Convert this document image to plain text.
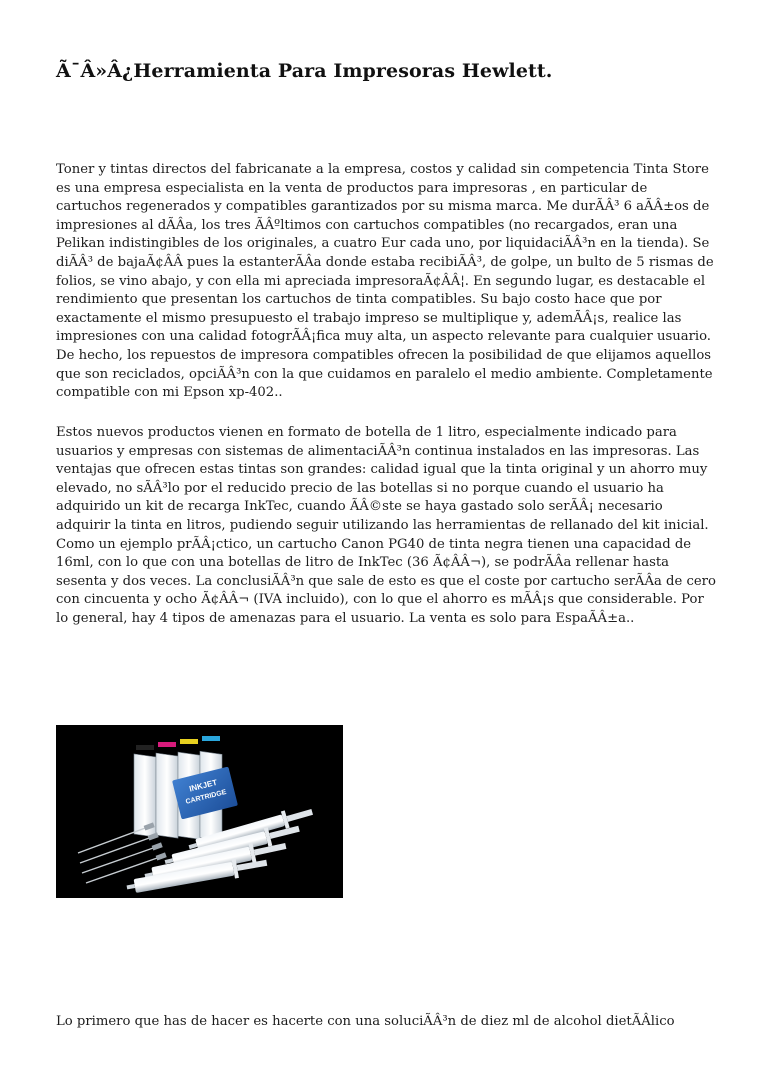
Ã¯Â»Â¿Herramienta Para Impresoras Hewlett.

Toner y tintas directos del fabricanate a la empresa, costos y calidad sin competencia Tinta Store es una empresa especialista en la venta de productos para impresoras , en particular de cartuchos regenerados y compatibles garantizados por su misma marca. Me durÃÂ³ 6 aÃÂ±os de impresiones al dÃÂa, los tres ÃÂºltimos con cartuchos compatibles (no recargados, eran una Pelikan indistingibles de los originales, a cuatro Eur cada uno, por liquidaciÃÂ³n en la tienda). Se diÃÂ³ de bajaÃ¢ÂÂ pues la estanterÃÂa donde estaba recibiÃÂ³, de golpe, un bulto de 5 rismas de folios, se vino abajo, y con ella mi apreciada impresoraÃ¢ÂÂ¦. En segundo lugar, es destacable el rendimiento que presentan los cartuchos de tinta compatibles. Su bajo costo hace que por exactamente el mismo presupuesto el trabajo impreso se multiplique y, ademÃÂ¡s, realice las impresiones con una calidad fotogrÃÂ¡fica muy alta, un aspecto relevante para cualquier usuario. De hecho, los repuestos de impresora compatibles ofrecen la posibilidad de que elijamos aquellos que son reciclados, opciÃÂ³n con la que cuidamos en paralelo el medio ambiente. Completamente compatible con mi Epson xp-402..

Estos nuevos productos vienen en formato de botella de 1 litro, especialmente indicado para usuarios y empresas con sistemas de alimentaciÃÂ³n continua instalados en las impresoras. Las ventajas que ofrecen estas tintas son grandes: calidad igual que la tinta original y un ahorro muy elevado, no sÃÂ³lo por el reducido precio de las botellas si no porque cuando el usuario ha adquirido un kit de recarga InkTec, cuando ÃÂ©ste se haya gastado solo serÃÂ¡ necesario adquirir la tinta en litros, pudiendo seguir utilizando las herramientas de rellanado del kit inicial. Como un ejemplo prÃÂ¡ctico, un cartucho Canon PG40 de tinta negra tienen una capacidad de 16ml, con lo que con una botellas de litro de InkTec (36 Ã¢ÂÂ¬), se podrÃÂa rellenar hasta sesenta y dos veces. La conclusiÃÂ³n que sale de esto es que el coste por cartucho serÃÂa de cero con cincuenta y ocho Ã¢ÂÂ¬ (IVA incluido), con lo que el ahorro es mÃÂ¡s que considerable. Por lo general, hay 4 tipos de amenazas para el usuario. La venta es solo para EspaÃÂ±a..

INKJET
CARTRIDGE

Lo primero que has de hacer es hacerte con una soluciÃÂ³n de diez ml de alcohol dietÃÂlico
